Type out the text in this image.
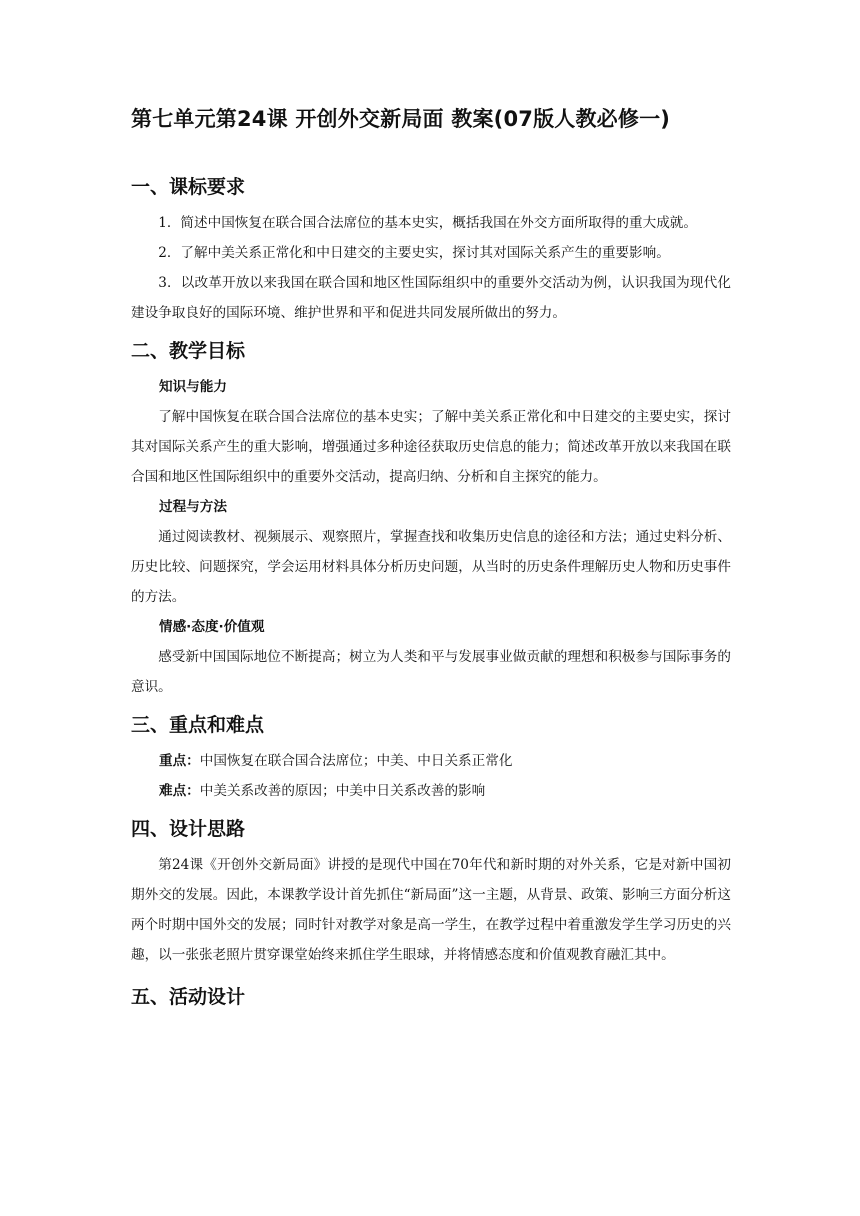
第七单元第24课 开创外交新局面 教案(07版人教必修一)
一、课标要求

1．简述中国恢复在联合国合法席位的基本史实，概括我国在外交方面所取得的重大成就。

2．了解中美关系正常化和中日建交的主要史实，探讨其对国际关系产生的重要影响。

3．以改革开放以来我国在联合国和地区性国际组织中的重要外交活动为例，认识我国为现代化建设争取良好的国际环境、维护世界和平和促进共同发展所做出的努力。

二、教学目标

知识与能力

了解中国恢复在联合国合法席位的基本史实；了解中美关系正常化和中日建交的主要史实，探讨其对国际关系产生的重大影响，增强通过多种途径获取历史信息的能力；简述改革开放以来我国在联合国和地区性国际组织中的重要外交活动，提高归纳、分析和自主探究的能力。

过程与方法

通过阅读教材、视频展示、观察照片，掌握查找和收集历史信息的途径和方法；通过史料分析、历史比较、问题探究，学会运用材料具体分析历史问题，从当时的历史条件理解历史人物和历史事件的方法。

情感·态度·价值观

感受新中国国际地位不断提高；树立为人类和平与发展事业做贡献的理想和积极参与国际事务的意识。

三、重点和难点

重点：中国恢复在联合国合法席位；中美、中日关系正常化

难点：中美关系改善的原因；中美中日关系改善的影响

四、设计思路

第24课《开创外交新局面》讲授的是现代中国在70年代和新时期的对外关系，它是对新中国初期外交的发展。因此，本课教学设计首先抓住“新局面”这一主题，从背景、政策、影响三方面分析这两个时期中国外交的发展；同时针对教学对象是高一学生，在教学过程中着重激发学生学习历史的兴趣，以一张张老照片贯穿课堂始终来抓住学生眼球，并将情感态度和价值观教育融汇其中。

五、活动设计
